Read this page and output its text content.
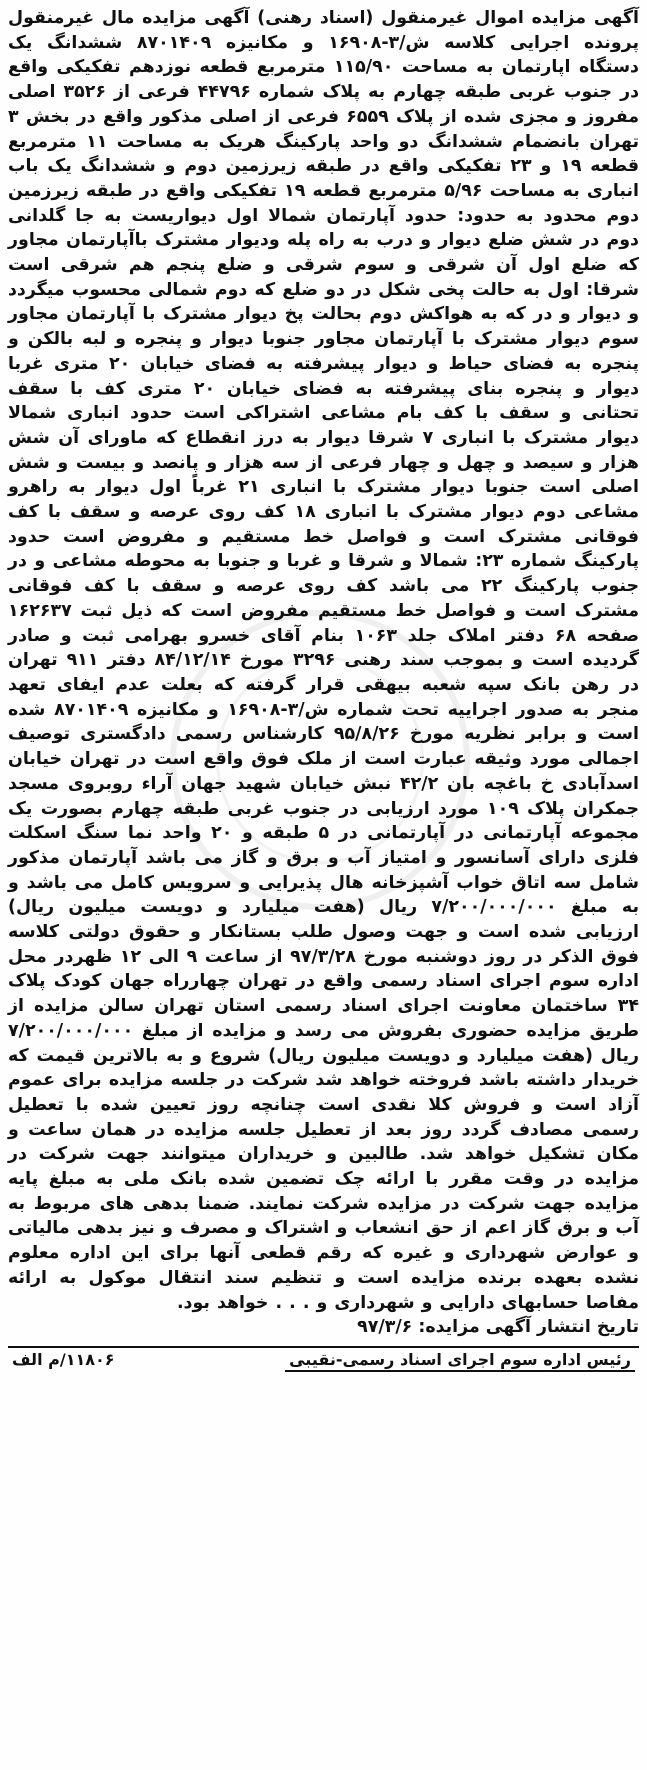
آگهی مزایده اموال غیرمنقول (اسناد رهنی) آگهی مزایده مال غیرمنقول پرونده اجرایی کلاسه ش/۳-۱۶۹۰۸ و مکانیزه ۸۷۰۱۴۰۹ ششدانگ یک دستگاه اپارتمان به مساحت ۱۱۵/۹۰ مترمربع قطعه نوزدهم تفکیکی واقع در جنوب غربی طبقه چهارم به پلاک شماره ۴۴۷۹۶ فرعی از ۳۵۲۶ اصلی مفروز و مجزی شده از پلاک ۶۵۵۹ فرعی از اصلی مذکور واقع در بخش ۳ تهران بانضمام ششدانگ دو واحد پارکینگ هریک به مساحت ۱۱ مترمربع قطعه ۱۹ و ۲۳ تفکیکی واقع در طبقه زیرزمین دوم و ششدانگ یک باب انباری به مساحت ۵/۹۶ مترمربع قطعه ۱۹ تفکیکی واقع در طبقه زیرزمین دوم محدود به حدود: حدود آپارتمان شمالا اول دیواریست به جا گلدانی دوم در شش ضلع دیوار و درب به راه پله ودیوار مشترک باآپارتمان مجاور که ضلع اول آن شرقی و سوم شرقی و ضلع پنجم هم شرقی است شرقا: اول به حالت پخی شکل در دو ضلع که دوم شمالی محسوب میگردد و دیوار و در که به هواکش دوم بحالت پخ دیوار مشترک با آپارتمان مجاور سوم دیوار مشترک با آپارتمان مجاور جنوبا دیوار و پنجره و لبه بالکن و پنجره به فضای حیاط و دیوار پیشرفته به فضای خیابان ۲۰ متری غربا دیوار و پنجره بنای پیشرفته به فضای خیابان ۲۰ متری کف با سقف تحتانی و سقف با کف بام مشاعی اشتراکی است حدود انباری شمالا دیوار مشترک با انباری ۷ شرقا دیوار به درز انقطاع که ماورای آن شش هزار و سیصد و چهل و چهار فرعی از سه هزار و پانصد و بیست و شش اصلی است جنوبا دیوار مشترک با انباری ۲۱ غرباً اول دیوار به راهرو مشاعی دوم دیوار مشترک با انباری ۱۸ کف روی عرصه و سقف با کف فوقانی مشترک است و فواصل خط مستقیم و مفروض است حدود پارکینگ شماره ۲۳: شمالا و شرقا و غربا و جنوبا به محوطه مشاعی و در جنوب پارکینگ ۲۲ می باشد کف روی عرصه و سقف با کف فوقانی مشترک است و فواصل خط مستقیم مفروض است که ذیل ثبت ۱۶۲۶۳۷ صفحه ۶۸ دفتر املاک جلد ۱۰۶۳ بنام آقای خسرو بهرامی ثبت و صادر گردیده است و بموجب سند رهنی ۳۲۹۶ مورخ ۸۴/۱۲/۱۴ دفتر ۹۱۱ تهران در رهن بانک سپه شعبه بیهقی قرار گرفته که بعلت عدم ایفای تعهد منجر به صدور اجراییه تحت شماره ش/۳-۱۶۹۰۸ و مکانیزه ۸۷۰۱۴۰۹ شده است و برابر نظریه مورخ ۹۵/۸/۲۶ کارشناس رسمی دادگستری توصیف اجمالی مورد وثیقه عبارت است از ملک فوق واقع است در تهران خیابان اسدآبادی خ باغچه بان ۴۲/۲ نبش خیابان شهید جهان آراء روبروی مسجد جمکران پلاک ۱۰۹ مورد ارزیابی در جنوب غربی طبقه چهارم بصورت یک مجموعه آپارتمانی در آپارتمانی در ۵ طبقه و ۲۰ واحد نما سنگ اسکلت فلزی دارای آسانسور و امتیاز آب و برق و گاز می باشد آپارتمان مذکور شامل سه اتاق خواب آشپزخانه هال پذیرایی و سرویس کامل می باشد و به مبلغ ۷/۲۰۰/۰۰۰/۰۰۰ ریال (هفت میلیارد و دویست میلیون ریال) ارزیابی شده است و جهت وصول طلب بستانکار و حقوق دولتی کلاسه فوق الذکر در روز دوشنبه مورخ ۹۷/۳/۲۸ از ساعت ۹ الی ۱۲ ظهردر محل اداره سوم اجرای اسناد رسمی واقع در تهران چهارراه جهان کودک پلاک ۳۴ ساختمان معاونت اجرای اسناد رسمی استان تهران سالن مزایده از طریق مزایده حضوری بفروش می رسد و مزایده از مبلغ ۷/۲۰۰/۰۰۰/۰۰۰ ریال (هفت میلیارد و دویست میلیون ریال) شروع و به بالاترین قیمت که خریدار داشته باشد فروخته خواهد شد شرکت در جلسه مزایده برای عموم آزاد است و فروش کلا نقدی است چنانچه روز تعیین شده با تعطیل رسمی مصادف گردد روز بعد از تعطیل جلسه مزایده در همان ساعت و مکان تشکیل خواهد شد. طالبین و خریداران میتوانند جهت شرکت در مزایده در وقت مقرر با ارائه چک تضمین شده بانک ملی به مبلغ پایه مزایده جهت شرکت در مزایده شرکت نمایند. ضمنا بدهی های مربوط به آب و برق گاز اعم از حق انشعاب و اشتراک و مصرف و نیز بدهی مالیاتی و عوارض شهرداری و غیره که رقم قطعی آنها برای این اداره معلوم نشده بعهده برنده مزایده است و تنظیم سند انتقال موکول به ارائه مفاصا حسابهای دارایی و شهرداری و . . . خواهد بود.

تاریخ انتشار آگهی مزایده: ۹۷/۳/۶

رئیس اداره سوم اجرای اسناد رسمی-نقیبی
۱۱۸۰۶/م الف
